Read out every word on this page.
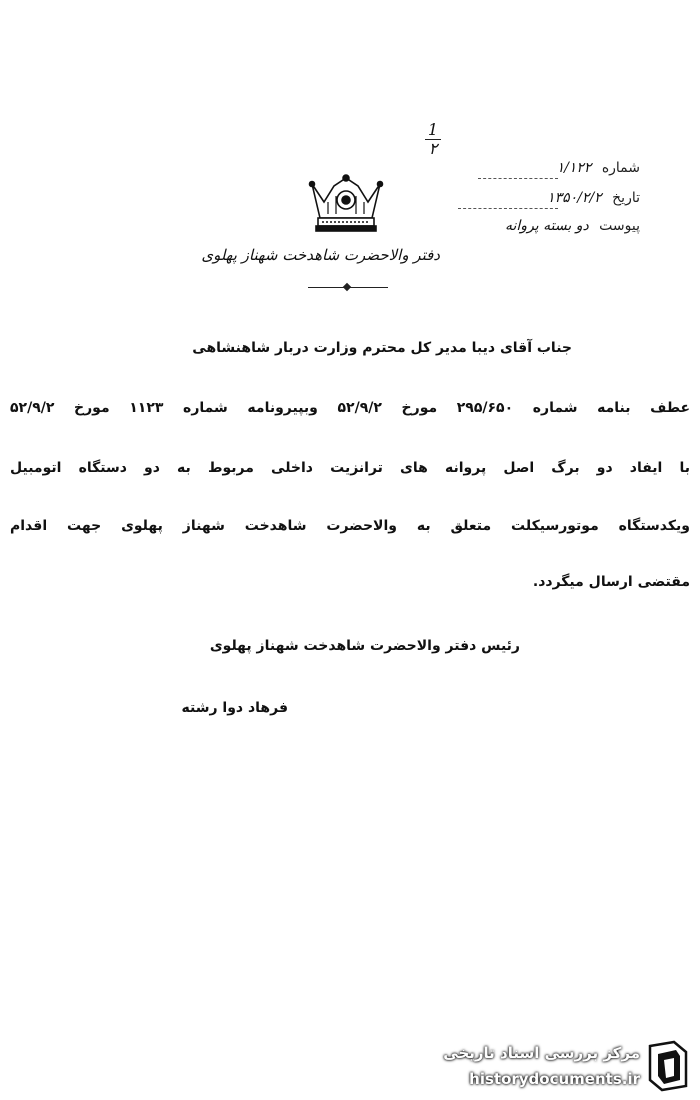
1
۲
شماره ۱/۱۲۲
تاریخ ۱۳۵۰/۲/۲
پیوست دو بسته پروانه
دفتر والاحضرت شاهدخت شهناز پهلوی
جناب آقای دیبا مدیر کل محترم وزارت دربار شاهنشاهی
عطف بنامه شماره ۲۹۵/۶۵۰ مورخ ۵۲/۹/۲ وبپیرونامه شماره ۱۱۲۳ مورخ ۵۲/۹/۲
با ایفاد دو برگ اصل پروانه های ترانزیت داخلی مربوط به دو دستگاه اتومبیل
ویکدستگاه موتورسیکلت متعلق به والاحضرت شاهدخت شهناز پهلوی جهت اقدام
مقتضی ارسال میگردد.
رئیس دفتر والاحضرت شاهدخت شهناز پهلوی
فرهاد دوا رشته
مرکز بررسی اسناد تاریخی
historydocuments.ir
